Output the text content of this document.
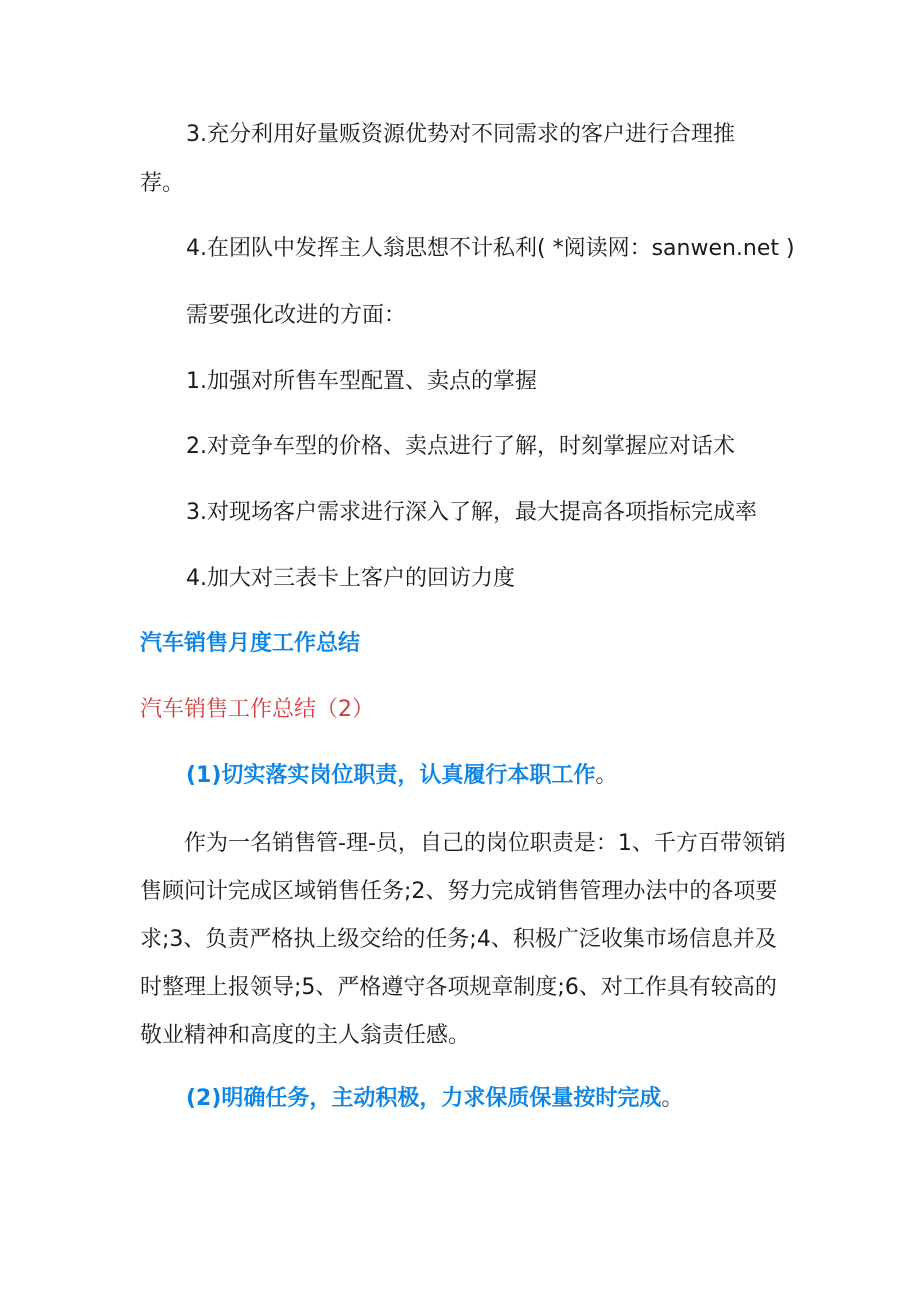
3.充分利用好量贩资源优势对不同需求的客户进行合理推

荐。

4.在团队中发挥主人翁思想不计私利( *阅读网：sanwen.net )

需要强化改进的方面：

1.加强对所售车型配置、卖点的掌握

2.对竞争车型的价格、卖点进行了解，时刻掌握应对话术

3.对现场客户需求进行深入了解，最大提高各项指标完成率

4.加大对三表卡上客户的回访力度

汽车销售月度工作总结

汽车销售工作总结（2）

(1)切实落实岗位职责，认真履行本职工作。

作为一名销售管-理-员，自己的岗位职责是：1、千方百带领销售顾问计完成区域销售任务;2、努力完成销售管理办法中的各项要求;3、负责严格执上级交给的任务;4、积极广泛收集市场信息并及时整理上报领导;5、严格遵守各项规章制度;6、对工作具有较高的敬业精神和高度的主人翁责任感。

(2)明确任务，主动积极，力求保质保量按时完成。
